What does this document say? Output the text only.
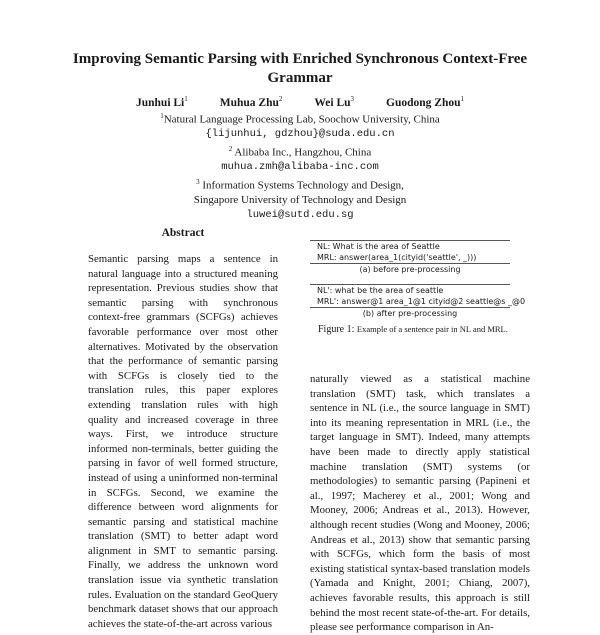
Improving Semantic Parsing with Enriched Synchronous Context-Free Grammar
Junhui Li$^1$	Muhua Zhu$^2$	Wei Lu$^3$	Guodong Zhou$^1$
$^1$Natural Language Processing Lab, Soochow University, China
{lijunhui, gdzhou}@suda.edu.cn
$^2$ Alibaba Inc., Hangzhou, China
muhua.zmh@alibaba-inc.com
$^3$ Information Systems Technology and Design,
Singapore University of Technology and Design
luwei@sutd.edu.sg
Abstract
Semantic parsing maps a sentence in natural language into a structured meaning representation. Previous studies show that semantic parsing with synchronous context-free grammars (SCFGs) achieves favorable performance over most other alternatives. Motivated by the observation that the performance of semantic parsing with SCFGs is closely tied to the translation rules, this paper explores extending translation rules with high quality and increased coverage in three ways. First, we introduce structure informed non-terminals, better guiding the parsing in favor of well formed structure, instead of using a uninformed non-terminal in SCFGs. Second, we examine the difference between word alignments for semantic parsing and statistical machine translation (SMT) to better adapt word alignment in SMT to semantic parsing. Finally, we address the unknown word translation issue via synthetic translation rules. Evaluation on the standard GeoQuery benchmark dataset shows that our approach achieves the state-of-the-art across various
NL: What is the area of Seattle
MRL: answer(area_1(cityid('seattle', _)))
(a) before pre-processing
NL': what be the area of seattle
MRL': answer@1 area_1@1 cityid@2 seattle@s _@0
(b) after pre-processing
Figure 1: Example of a sentence pair in NL and MRL.
naturally viewed as a statistical machine translation (SMT) task, which translates a sentence in NL (i.e., the source language in SMT) into its meaning representation in MRL (i.e., the target language in SMT). Indeed, many attempts have been made to directly apply statistical machine translation (SMT) systems (or methodologies) to semantic parsing (Papineni et al., 1997; Macherey et al., 2001; Wong and Mooney, 2006; Andreas et al., 2013). However, although recent studies (Wong and Mooney, 2006; Andreas et al., 2013) show that semantic parsing with SCFGs, which form the basis of most existing statistical syntax-based translation models (Yamada and Knight, 2001; Chiang, 2007), achieves favorable results, this approach is still behind the most recent state-of-the-art. For details, please see performance comparison in An-
